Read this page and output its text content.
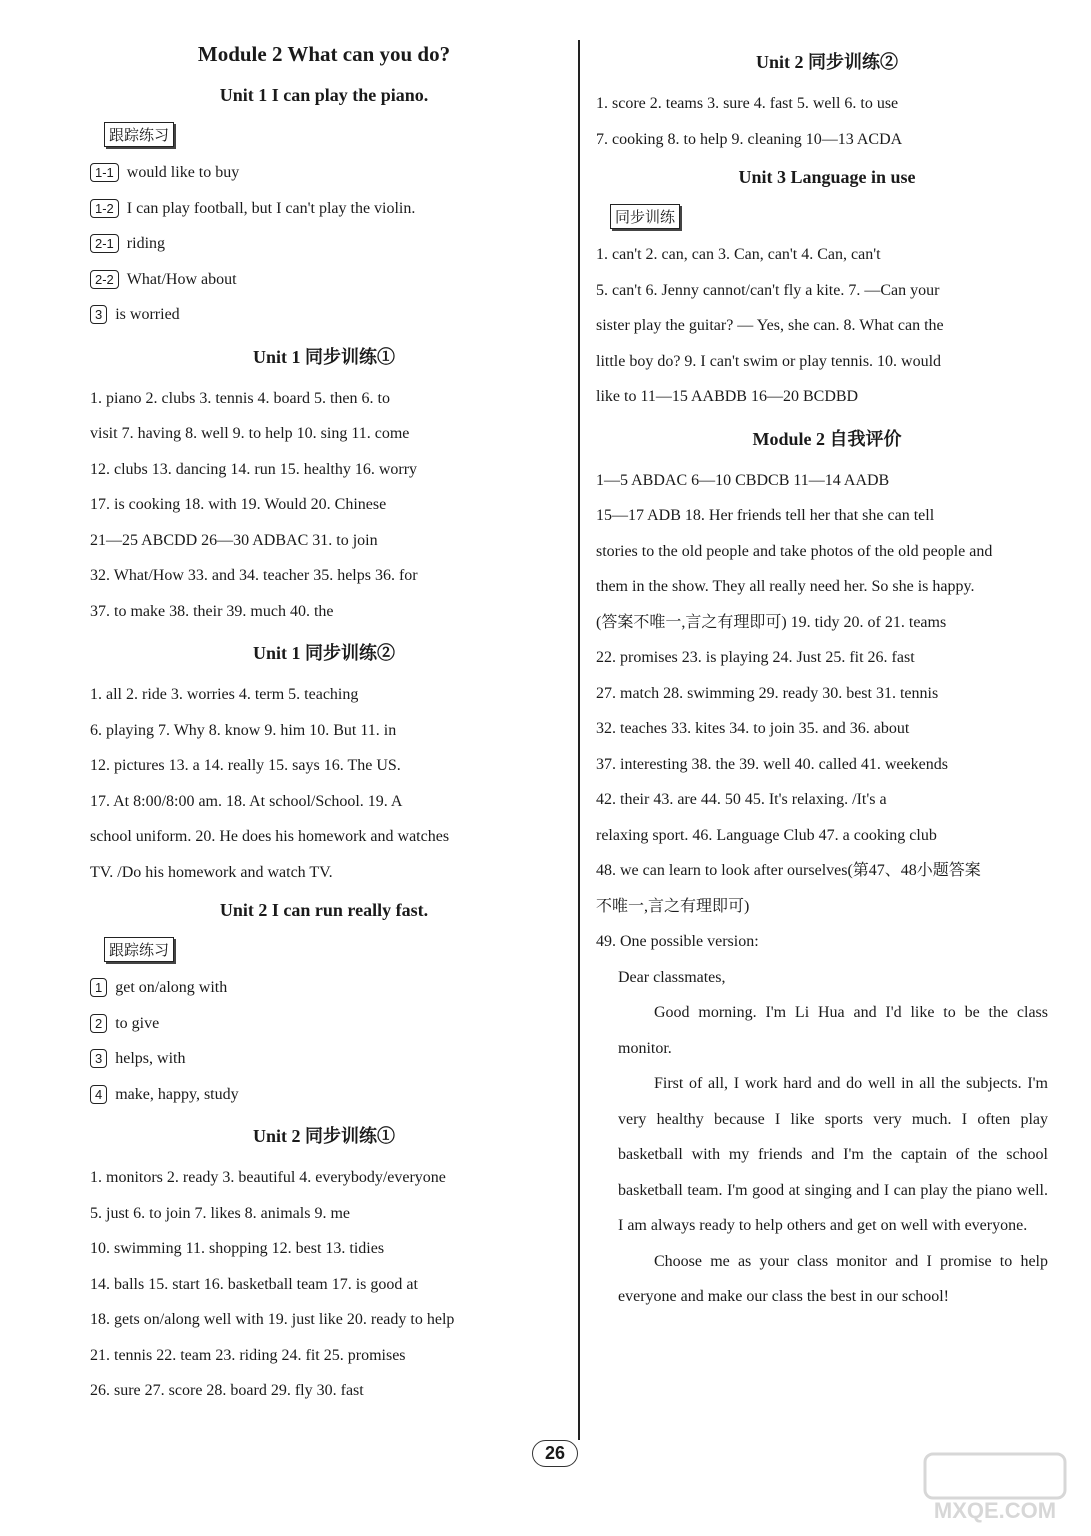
Module 2 What can you do?
Unit 1 I can play the piano.
跟踪练习
1-1 would like to buy
1-2 I can play football, but I can't play the violin.
2-1 riding
2-2 What/How about
3 is worried
Unit 1 同步训练①
1. piano 2. clubs 3. tennis 4. board 5. then 6. to
visit 7. having 8. well 9. to help 10. sing 11. come
12. clubs 13. dancing 14. run 15. healthy 16. worry
17. is cooking 18. with 19. Would 20. Chinese
21—25 ABCDD 26—30 ADBAC 31. to join
32. What/How 33. and 34. teacher 35. helps 36. for
37. to make 38. their 39. much 40. the
Unit 1 同步训练②
1. all 2. ride 3. worries 4. term 5. teaching
6. playing 7. Why 8. know 9. him 10. But 11. in
12. pictures 13. a 14. really 15. says 16. The US.
17. At 8:00/8:00 am. 18. At school/School. 19. A
school uniform. 20. He does his homework and watches
TV. /Do his homework and watch TV.
Unit 2 I can run really fast.
跟踪练习
1 get on/along with
2 to give
3 helps, with
4 make, happy, study
Unit 2 同步训练①
1. monitors 2. ready 3. beautiful 4. everybody/everyone
5. just 6. to join 7. likes 8. animals 9. me
10. swimming 11. shopping 12. best 13. tidies
14. balls 15. start 16. basketball team 17. is good at
18. gets on/along well with 19. just like 20. ready to help
21. tennis 22. team 23. riding 24. fit 25. promises
26. sure 27. score 28. board 29. fly 30. fast
Unit 2 同步训练②
1. score 2. teams 3. sure 4. fast 5. well 6. to use
7. cooking 8. to help 9. cleaning 10—13 ACDA
Unit 3 Language in use
同步训练
1. can't 2. can, can 3. Can, can't 4. Can, can't
5. can't 6. Jenny cannot/can't fly a kite. 7. —Can your
sister play the guitar? — Yes, she can. 8. What can the
little boy do? 9. I can't swim or play tennis. 10. would
like to 11—15 AABDB 16—20 BCDBD
Module 2 自我评价
1—5 ABDAC 6—10 CBDCB 11—14 AADB
15—17 ADB 18. Her friends tell her that she can tell
stories to the old people and take photos of the old people and
them in the show. They all really need her. So she is happy.
(答案不唯一,言之有理即可) 19. tidy 20. of 21. teams
22. promises 23. is playing 24. Just 25. fit 26. fast
27. match 28. swimming 29. ready 30. best 31. tennis
32. teaches 33. kites 34. to join 35. and 36. about
37. interesting 38. the 39. well 40. called 41. weekends
42. their 43. are 44. 50 45. It's relaxing. /It's a
relaxing sport. 46. Language Club 47. a cooking club
48. we can learn to look after ourselves(第47、48小题答案
不唯一,言之有理即可)
49. One possible version:
Dear classmates,
Good morning. I'm Li Hua and I'd like to be the class monitor.
First of all, I work hard and do well in all the subjects. I'm very healthy because I like sports very much. I often play basketball with my friends and I'm the captain of the school basketball team. I'm good at singing and I can play the piano well. I am always ready to help others and get on well with everyone.
Choose me as your class monitor and I promise to help everyone and make our class the best in our school!
26
MXQE.COM
